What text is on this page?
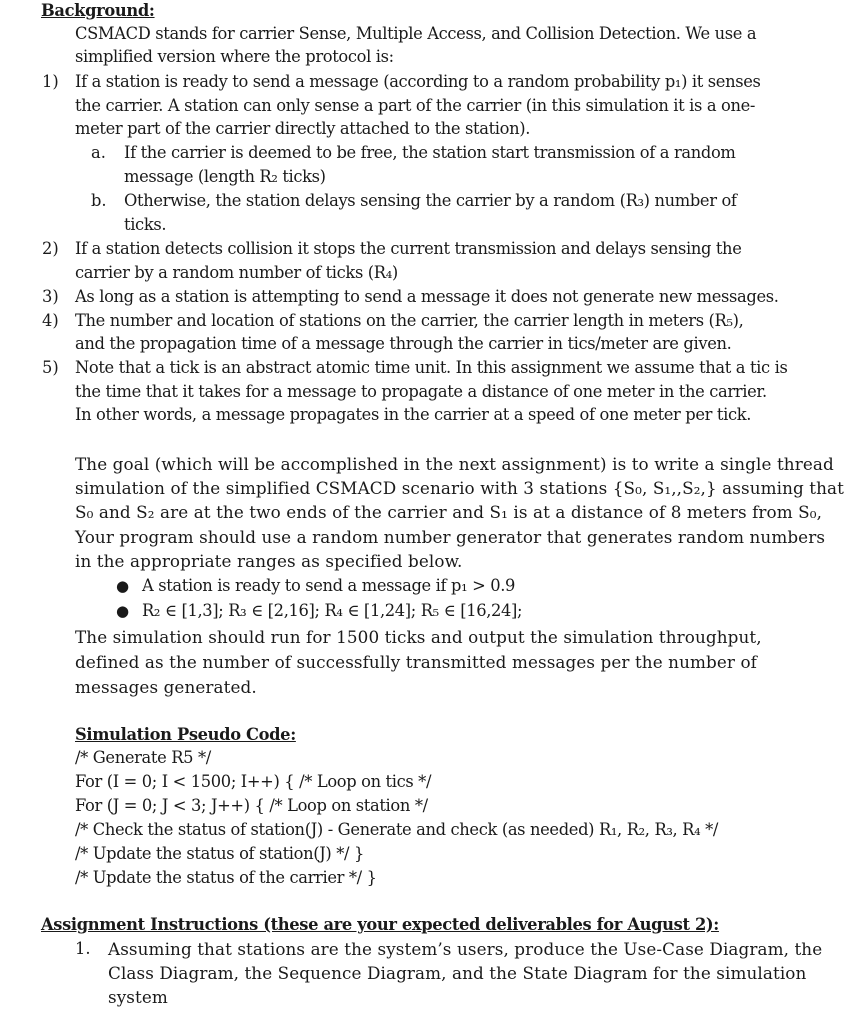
Background:
CSMACD stands for carrier Sense, Multiple Access, and Collision Detection. We use a
simplified version where the protocol is:
1) If a station is ready to send a message (according to a random probability p₁) it senses
the carrier. A station can only sense a part of the carrier (in this simulation it is a one-
meter part of the carrier directly attached to the station).
a. If the carrier is deemed to be free, the station start transmission of a random
message (length R₂ ticks)
b. Otherwise, the station delays sensing the carrier by a random (R₃) number of
ticks.
2) If a station detects collision it stops the current transmission and delays sensing the
carrier by a random number of ticks (R₄)
3) As long as a station is attempting to send a message it does not generate new messages.
4) The number and location of stations on the carrier, the carrier length in meters (R₅),
and the propagation time of a message through the carrier in tics/meter are given.
5) Note that a tick is an abstract atomic time unit. In this assignment we assume that a tic is
the time that it takes for a message to propagate a distance of one meter in the carrier.
In other words, a message propagates in the carrier at a speed of one meter per tick.
The goal (which will be accomplished in the next assignment) is to write a single thread
simulation of the simplified CSMACD scenario with 3 stations {S₀, S₁,,S₂,} assuming that
S₀ and S₂ are at the two ends of the carrier and S₁ is at a distance of 8 meters from S₀,
Your program should use a random number generator that generates random numbers
in the appropriate ranges as specified below.
● A station is ready to send a message if p₁ > 0.9
● R₂ ∈ [1,3]; R₃ ∈ [2,16]; R₄ ∈ [1,24]; R₅ ∈ [16,24];
The simulation should run for 1500 ticks and output the simulation throughput,
defined as the number of successfully transmitted messages per the number of
messages generated.
Simulation Pseudo Code:
/* Generate R5 */
For (I = 0; I < 1500; I++) { /* Loop on tics */
For (J = 0; J < 3; J++) { /* Loop on station */
/* Check the status of station(J) - Generate and check (as needed) R₁, R₂, R₃, R₄ */
/* Update the status of station(J) */ }
/* Update the status of the carrier */ }
Assignment Instructions (these are your expected deliverables for August 2):
1. Assuming that stations are the system’s users, produce the Use-Case Diagram, the
Class Diagram, the Sequence Diagram, and the State Diagram for the simulation
system
